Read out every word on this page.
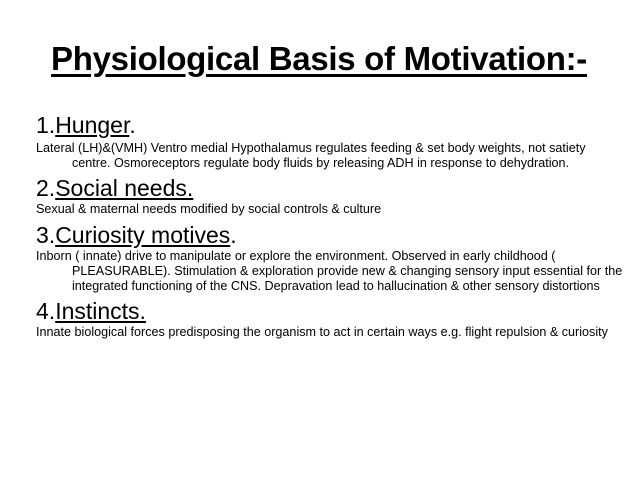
Physiological Basis of Motivation:-

1.Hunger.

Lateral (LH)&(VMH) Ventro medial Hypothalamus regulates feeding & set body weights, not satiety centre. Osmoreceptors regulate body fluids by releasing ADH in response to dehydration.

2.Social needs.

Sexual & maternal needs modified by social controls & culture

3.Curiosity motives.

Inborn ( innate) drive to manipulate or explore the environment. Observed in early childhood ( PLEASURABLE). Stimulation & exploration provide new & changing sensory input essential for the integrated functioning of the CNS. Depravation lead to hallucination & other sensory distortions

4.Instincts.

Innate biological forces predisposing the organism to act in certain ways e.g. flight repulsion & curiosity
